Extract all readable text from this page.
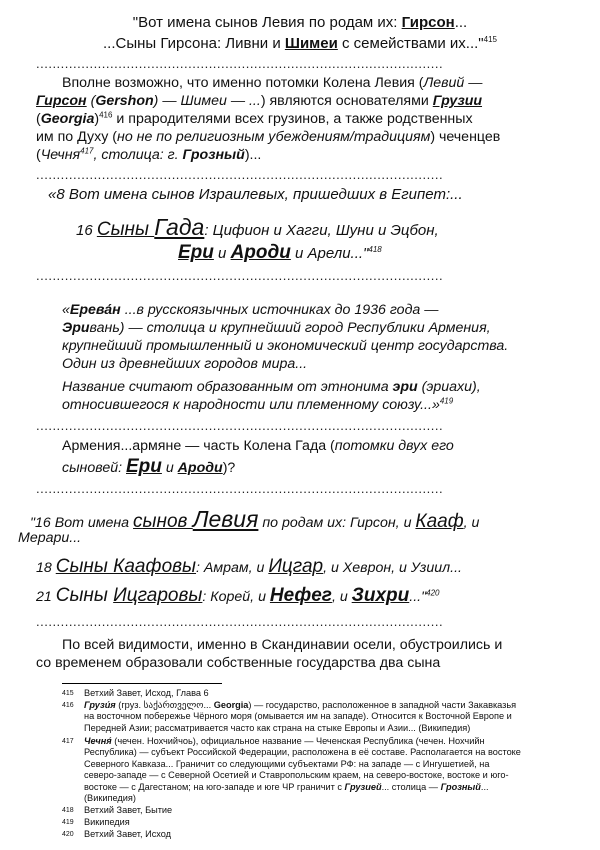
"Вот имена сынов Левия по родам их: Гирсон...
...Сыны Гирсона: Ливни и Шимеи с семействами их..."$^{415}$
...................................................................................................
Вполне возможно, что именно потомки Колена Левия (Левий —
Гирсон (Gershon) — Шимеи — ...) являются основателями Грузии
(Georgia)$^{416}$ и прародителями всех грузинов, а также родственных
им по Духу (но не по религиозным убеждениям/традициям) чеченцев
(Чечня$^{417}$, столица: г. Грозный)...
...................................................................................................
«8 Вот имена сынов Израилевых, пришедших в Египет:...
16 Сыны Гада: Цифион и Хагги, Шуни и Эцбон,
Ери и Ароди и Арели..."$^{418}$
...................................................................................................
«Ерева́н ...в русскоязычных источниках до 1936 года —
Эривань) — столица и крупнейший город Республики Армения,
крупнейший промышленный и экономический центр государства.
Один из древнейших городов мира...
Название считают образованным от этнонима эри (эриахи),
относившегося к народности или племенному союзу...»$^{419}$
...................................................................................................
Армения...армяне — часть Колена Гада (потомки двух его
сыновей: Ери и Ароди)?
...................................................................................................
"16 Вот имена сынов Левия по родам их: Гирсон, и Кааф, и
Мерари...
18 Сыны Каафовы: Амрам, и Ицгар, и Хеврон, и Узиил...
21 Сыны Ицгаровы: Корей, и Нефег, и Зихри..."$^{420}$
...................................................................................................
По всей видимости, именно в Скандинавии осели, обустроились и
со временем образовали собственные государства два сына
415 Ветхий Завет, Исход, Глава 6
416 Грузи́я (груз. საქართველო... Georgia) — государство, расположенное в западной части Закавказья
на восточном побережье Чёрного моря (омывается им на западе). Относится к Восточной Европе и
Передней Азии; рассматривается часто как страна на стыке Европы и Азии... (Википедия)
417 Чечня́ (чечен. Нохчийчоь), официальное название — Чеченская Республика (чечен. Нохчийн
Республика) — субъект Российской Федерации, расположена в её составе. Располагается на востоке
Северного Кавказа... Граничит со следующими субъектами РФ: на западе — с Ингушетией, на
северо-западе — с Северной Осетией и Ставропольским краем, на северо-востоке, востоке и юго-
востоке — с Дагестаном; на юго-западе и юге ЧР граничит с Грузией... столица — Грозный...
(Википедия)
418 Ветхий Завет, Бытие
419 Википедия
420 Ветхий Завет, Исход
